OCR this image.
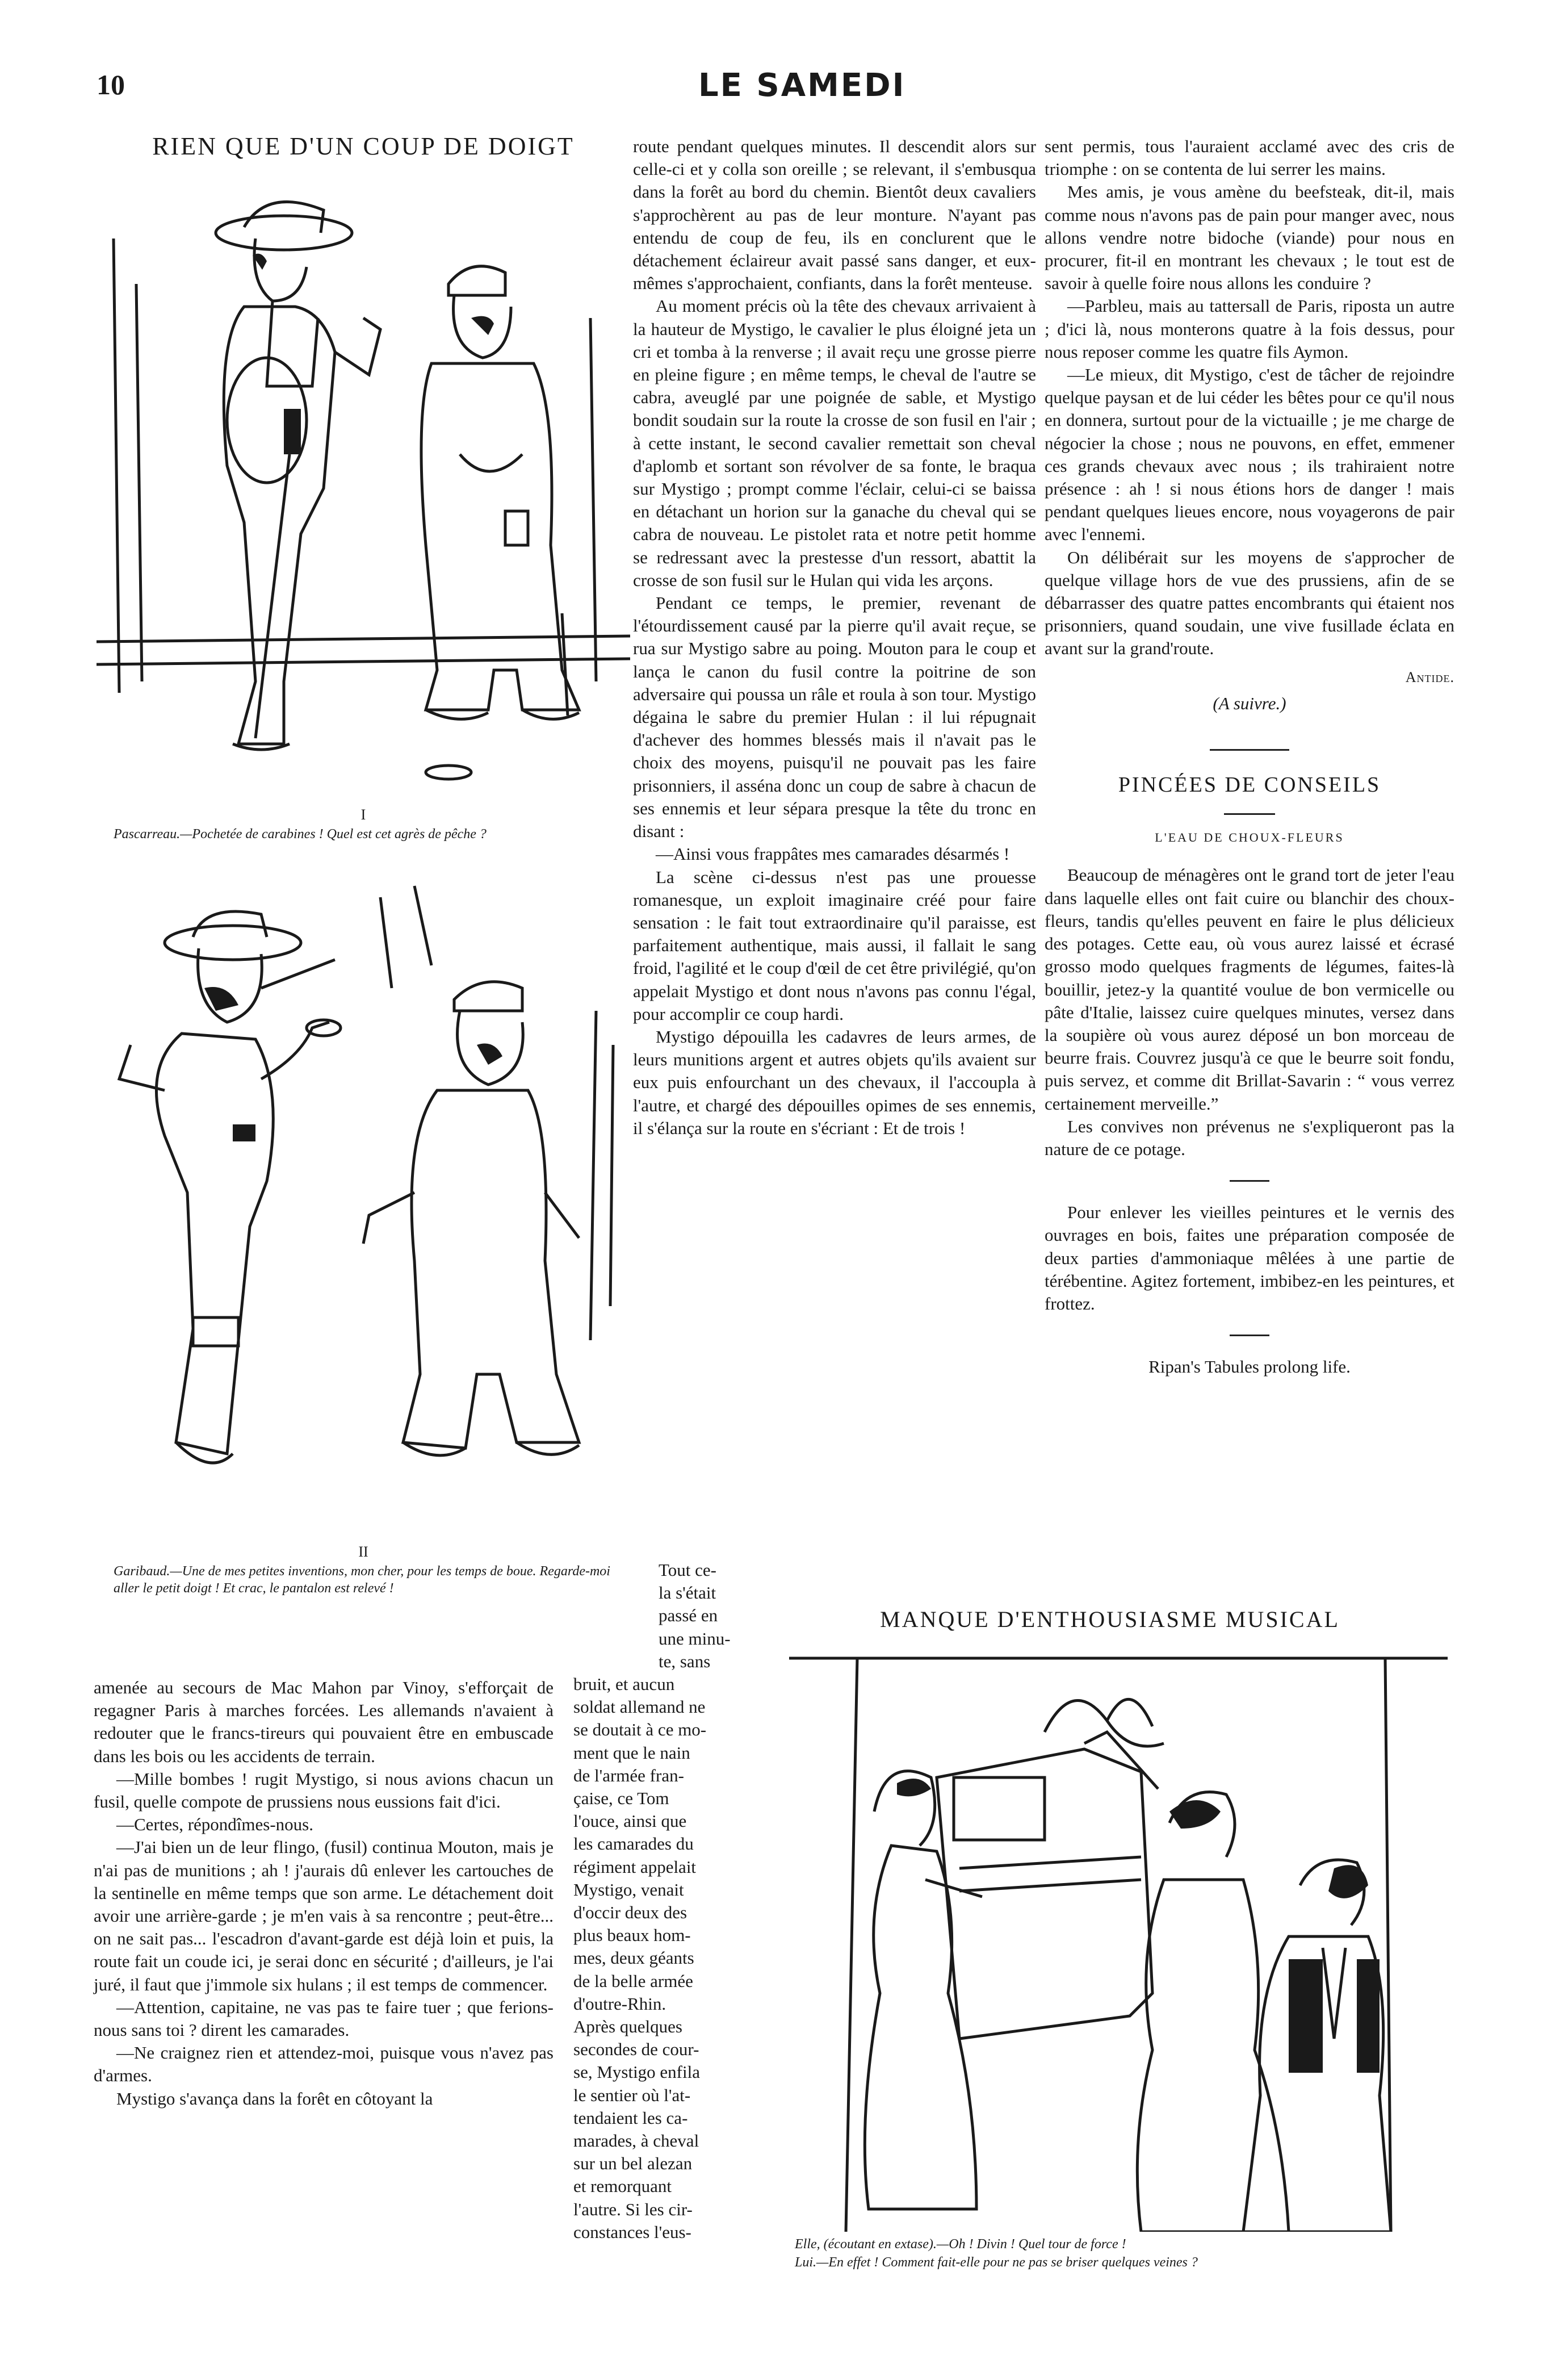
10	LE SAMEDI
RIEN QUE D'UN COUP DE DOIGT
I
Pascarreau.—Pochetée de carabines ! Quel est cet agrès de pêche ?
II
Garibaud.—Une de mes petites inventions, mon cher, pour les temps de boue. Regarde-moi aller le petit doigt ! Et crac, le pantalon est relevé !

amenée au secours de Mac Mahon par Vinoy, s'efforçait de regagner Paris à marches forcées. Les allemands n'avaient à redouter que le francs-tireurs qui pouvaient être en embuscade dans les bois ou les accidents de terrain.

—Mille bombes ! rugit Mystigo, si nous avions chacun un fusil, quelle compote de prussiens nous eussions fait d'ici.

—Certes, répondîmes-nous.

—J'ai bien un de leur flingo, (fusil) continua Mouton, mais je n'ai pas de munitions ; ah ! j'aurais dû enlever les cartouches de la sentinelle en même temps que son arme. Le détachement doit avoir une arrière-garde ; je m'en vais à sa rencontre ; peut-être... on ne sait pas... l'escadron d'avant-garde est déjà loin et puis, la route fait un coude ici, je serai donc en sécurité ; d'ailleurs, je l'ai juré, il faut que j'immole six hulans ; il est temps de commencer.

—Attention, capitaine, ne vas pas te faire tuer ; que ferions-nous sans toi ? dirent les camarades.

—Ne craignez rien et attendez-moi, puisque vous n'avez pas d'armes.

Mystigo s'avança dans la forêt en côtoyant la

route pendant quelques minutes. Il descendit alors sur celle-ci et y colla son oreille ; se relevant, il s'embusqua dans la forêt au bord du chemin. Bientôt deux cavaliers s'approchèrent au pas de leur monture. N'ayant pas entendu de coup de feu, ils en conclurent que le détachement éclaireur avait passé sans danger, et eux-mêmes s'approchaient, confiants, dans la forêt menteuse.

Au moment précis où la tête des chevaux arrivaient à la hauteur de Mystigo, le cavalier le plus éloigné jeta un cri et tomba à la renverse ; il avait reçu une grosse pierre en pleine figure ; en même temps, le cheval de l'autre se cabra, aveuglé par une poignée de sable, et Mystigo bondit soudain sur la route la crosse de son fusil en l'air ; à cette instant, le second cavalier remettait son cheval d'aplomb et sortant son révolver de sa fonte, le braqua sur Mystigo ; prompt comme l'éclair, celui-ci se baissa en détachant un horion sur la ganache du cheval qui se cabra de nouveau. Le pistolet rata et notre petit homme se redressant avec la prestesse d'un ressort, abattit la crosse de son fusil sur le Hulan qui vida les arçons.

Pendant ce temps, le premier, revenant de l'étourdissement causé par la pierre qu'il avait reçue, se rua sur Mystigo sabre au poing. Mouton para le coup et lança le canon du fusil contre la poitrine de son adversaire qui poussa un râle et roula à son tour. Mystigo dégaina le sabre du premier Hulan : il lui répugnait d'achever des hommes blessés mais il n'avait pas le choix des moyens, puisqu'il ne pouvait pas les faire prisonniers, il asséna donc un coup de sabre à chacun de ses ennemis et leur sépara presque la tête du tronc en disant :

—Ainsi vous frappâtes mes camarades désarmés !

La scène ci-dessus n'est pas une prouesse romanesque, un exploit imaginaire créé pour faire sensation : le fait tout extraordinaire qu'il paraisse, est parfaitement authentique, mais aussi, il fallait le sang froid, l'agilité et le coup d'œil de cet être privilégié, qu'on appelait Mystigo et dont nous n'avons pas connu l'égal, pour accomplir ce coup hardi.

Mystigo dépouilla les cadavres de leurs armes, de leurs munitions argent et autres objets qu'ils avaient sur eux puis enfourchant un des chevaux, il l'accoupla à l'autre, et chargé des dépouilles opimes de ses ennemis, il s'élança sur la route en s'écriant : Et de trois !

Tout ce-
la s'était
passé en
une minu-
te, sans
bruit, et aucun
soldat allemand ne
se doutait à ce mo-
ment que le nain
de l'armée fran-
çaise, ce Tom
l'ouce, ainsi que
les camarades du
régiment appelait
Mystigo, venait
d'occir deux des
plus beaux hom-
mes, deux géants
de la belle armée
d'outre-Rhin.
Après quelques
secondes de cour-
se, Mystigo enfila
le sentier où l'at-
tendaient les ca-
marades, à cheval
sur un bel alezan
et remorquant
l'autre. Si les cir-
constances l'eus-

sent permis, tous l'auraient acclamé avec des cris de triomphe : on se contenta de lui serrer les mains.

Mes amis, je vous amène du beefsteak, dit-il, mais comme nous n'avons pas de pain pour manger avec, nous allons vendre notre bidoche (viande) pour nous en procurer, fit-il en montrant les chevaux ; le tout est de savoir à quelle foire nous allons les conduire ?

—Parbleu, mais au tattersall de Paris, riposta un autre ; d'ici là, nous monterons quatre à la fois dessus, pour nous reposer comme les quatre fils Aymon.

—Le mieux, dit Mystigo, c'est de tâcher de rejoindre quelque paysan et de lui céder les bêtes pour ce qu'il nous en donnera, surtout pour de la victuaille ; je me charge de négocier la chose ; nous ne pouvons, en effet, emmener ces grands chevaux avec nous ; ils trahiraient notre présence : ah ! si nous étions hors de danger ! mais pendant quelques lieues encore, nous voyagerons de pair avec l'ennemi.

On délibérait sur les moyens de s'approcher de quelque village hors de vue des prussiens, afin de se débarrasser des quatre pattes encombrants qui étaient nos prisonniers, quand soudain, une vive fusillade éclata en avant sur la grand'route.

Antide.
(A suivre.)
PINCÉES DE CONSEILS
L'EAU DE CHOUX-FLEURS

Beaucoup de ménagères ont le grand tort de jeter l'eau dans laquelle elles ont fait cuire ou blanchir des choux-fleurs, tandis qu'elles peuvent en faire le plus délicieux des potages. Cette eau, où vous aurez laissé et écrasé grosso modo quelques fragments de légumes, faites-là bouillir, jetez-y la quantité voulue de bon vermicelle ou pâte d'Italie, laissez cuire quelques minutes, versez dans la soupière où vous aurez déposé un bon morceau de beurre frais. Couvrez jusqu'à ce que le beurre soit fondu, puis servez, et comme dit Brillat-Savarin : “ vous verrez certainement merveille.”

Les convives non prévenus ne s'expliqueront pas la nature de ce potage.

Pour enlever les vieilles peintures et le vernis des ouvrages en bois, faites une préparation composée de deux parties d'ammoniaque mêlées à une partie de térébentine. Agitez fortement, imbibez-en les peintures, et frottez.

Ripan's Tabules prolong life.
MANQUE D'ENTHOUSIASME MUSICAL
Elle, (écoutant en extase).—Oh ! Divin ! Quel tour de force !
Lui.—En effet ! Comment fait-elle pour ne pas se briser quelques veines ?
